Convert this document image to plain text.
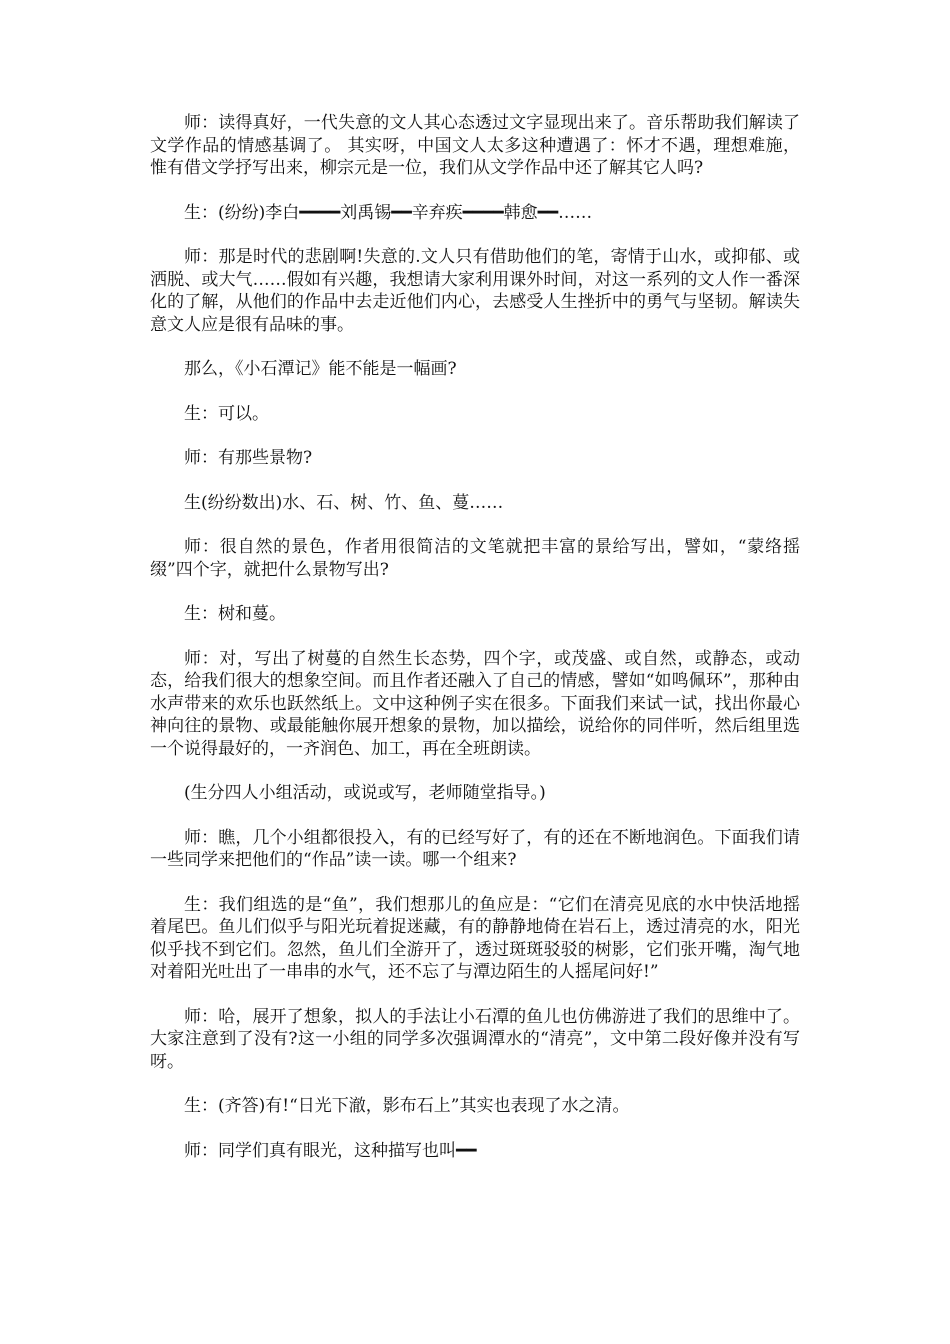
师：读得真好，一代失意的文人其心态透过文字显现出来了。音乐帮助我们解读了文学作品的情感基调了。 其实呀，中国文人太多这种遭遇了：怀才不遇，理想难施，惟有借文学抒写出来，柳宗元是一位，我们从文学作品中还了解其它人吗?

生：(纷纷)李白━━━━刘禹锡━━辛弃疾━━━━韩愈━━……

师：那是时代的悲剧啊!失意的.文人只有借助他们的笔，寄情于山水，或抑郁、或洒脱、或大气……假如有兴趣，我想请大家利用课外时间，对这一系列的文人作一番深化的了解，从他们的作品中去走近他们内心，去感受人生挫折中的勇气与坚韧。解读失意文人应是很有品味的事。

那么，《小石潭记》能不能是一幅画?

生：可以。

师：有那些景物?

生(纷纷数出)水、石、树、竹、鱼、蔓……

师：很自然的景色，作者用很简洁的文笔就把丰富的景给写出，譬如，“蒙络摇缀”四个字，就把什么景物写出?

生：树和蔓。

师：对，写出了树蔓的自然生长态势，四个字，或茂盛、或自然，或静态，或动态，给我们很大的想象空间。而且作者还融入了自己的情感，譬如“如鸣佩环”，那种由水声带来的欢乐也跃然纸上。文中这种例子实在很多。下面我们来试一试，找出你最心神向往的景物、或最能触你展开想象的景物，加以描绘，说给你的同伴听，然后组里选一个说得最好的，一齐润色、加工，再在全班朗读。

(生分四人小组活动，或说或写，老师随堂指导。)

师：瞧，几个小组都很投入，有的已经写好了，有的还在不断地润色。下面我们请一些同学来把他们的“作品”读一读。哪一个组来?

生：我们组选的是“鱼”，我们想那儿的鱼应是：“它们在清亮见底的水中快活地摇着尾巴。鱼儿们似乎与阳光玩着捉迷藏，有的静静地倚在岩石上，透过清亮的水，阳光似乎找不到它们。忽然，鱼儿们全游开了，透过斑斑驳驳的树影，它们张开嘴，淘气地对着阳光吐出了一串串的水气，还不忘了与潭边陌生的人摇尾问好!”

师：哈，展开了想象，拟人的手法让小石潭的鱼儿也仿佛游进了我们的思维中了。大家注意到了没有?这一小组的同学多次强调潭水的“清亮”，文中第二段好像并没有写呀。

生：(齐答)有!“日光下澈，影布石上”其实也表现了水之清。

师：同学们真有眼光，这种描写也叫━━
